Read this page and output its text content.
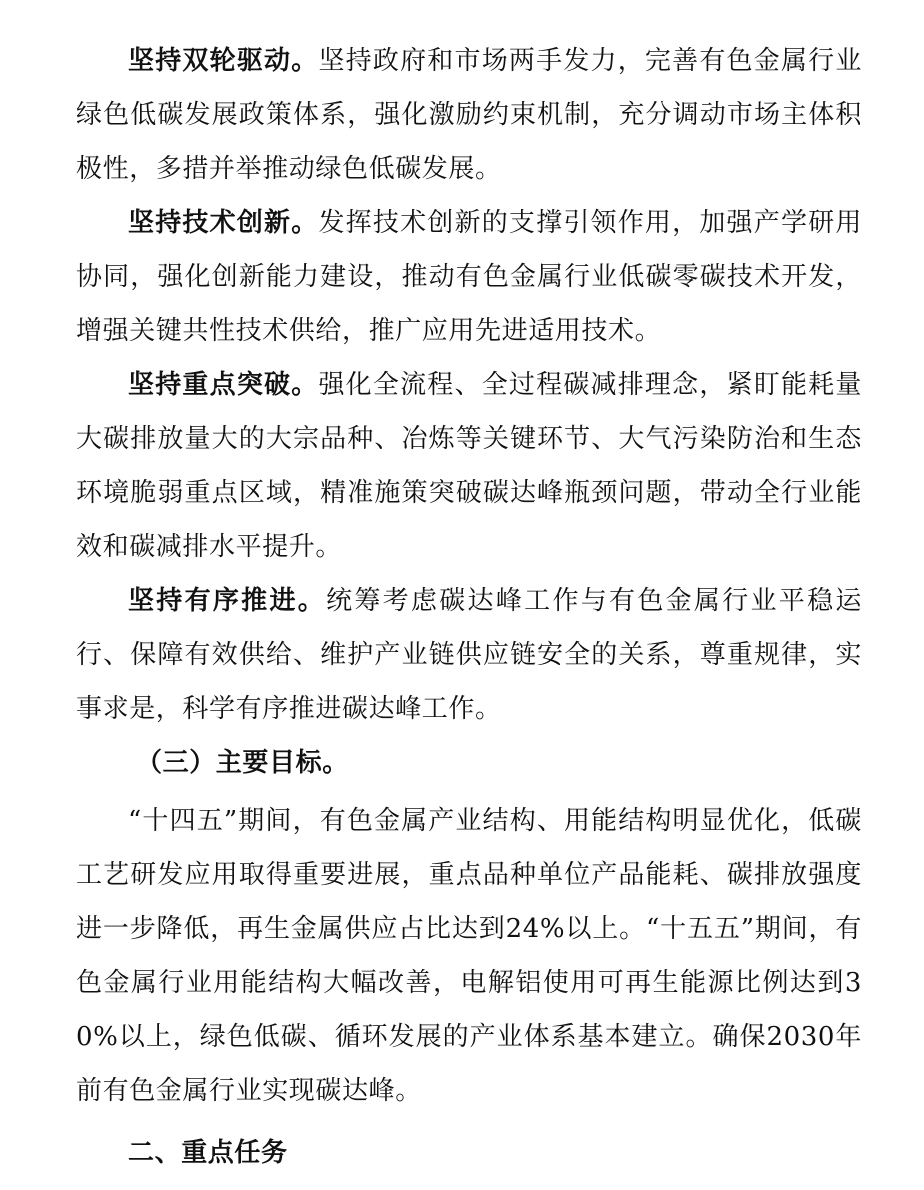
坚持双轮驱动。坚持政府和市场两手发力，完善有色金属行业绿色低碳发展政策体系，强化激励约束机制，充分调动市场主体积极性，多措并举推动绿色低碳发展。

坚持技术创新。发挥技术创新的支撑引领作用，加强产学研用协同，强化创新能力建设，推动有色金属行业低碳零碳技术开发，增强关键共性技术供给，推广应用先进适用技术。

坚持重点突破。强化全流程、全过程碳减排理念，紧盯能耗量大碳排放量大的大宗品种、冶炼等关键环节、大气污染防治和生态环境脆弱重点区域，精准施策突破碳达峰瓶颈问题，带动全行业能效和碳减排水平提升。

坚持有序推进。统筹考虑碳达峰工作与有色金属行业平稳运行、保障有效供给、维护产业链供应链安全的关系，尊重规律，实事求是，科学有序推进碳达峰工作。

（三）主要目标。

“十四五”期间，有色金属产业结构、用能结构明显优化，低碳工艺研发应用取得重要进展，重点品种单位产品能耗、碳排放强度进一步降低，再生金属供应占比达到24%以上。“十五五”期间，有色金属行业用能结构大幅改善，电解铝使用可再生能源比例达到30%以上，绿色低碳、循环发展的产业体系基本建立。确保2030年前有色金属行业实现碳达峰。

二、重点任务
